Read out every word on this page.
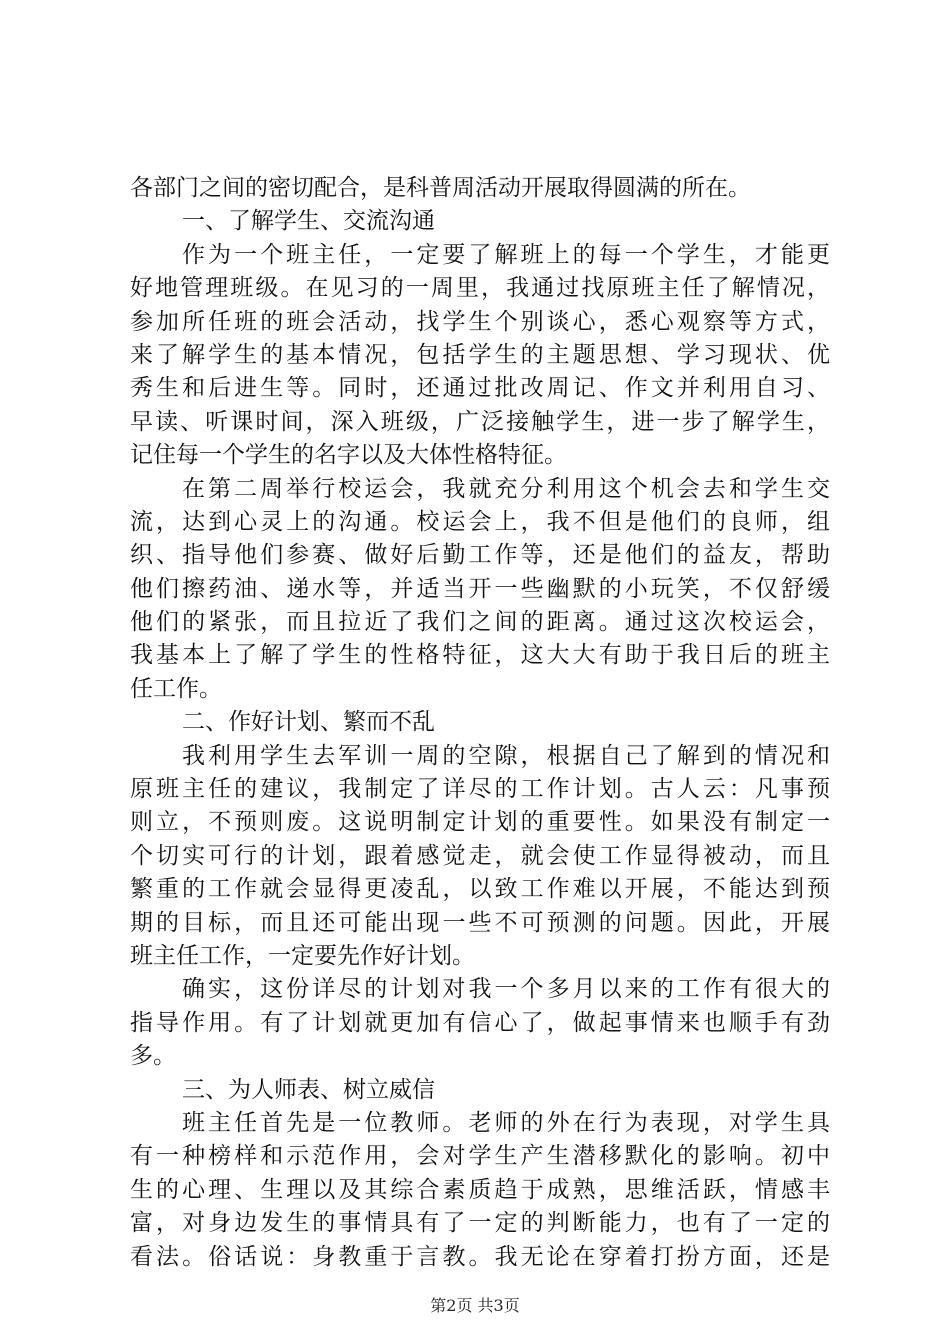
各部门之间的密切配合，是科普周活动开展取得圆满的所在。
一、了解学生、交流沟通
作为一个班主任，一定要了解班上的每一个学生，才能更
好地管理班级。在见习的一周里，我通过找原班主任了解情况，
参加所任班的班会活动，找学生个别谈心，悉心观察等方式，
来了解学生的基本情况，包括学生的主题思想、学习现状、优
秀生和后进生等。同时，还通过批改周记、作文并利用自习、
早读、听课时间，深入班级，广泛接触学生，进一步了解学生，
记住每一个学生的名字以及大体性格特征。
在第二周举行校运会，我就充分利用这个机会去和学生交
流，达到心灵上的沟通。校运会上，我不但是他们的良师，组
织、指导他们参赛、做好后勤工作等，还是他们的益友，帮助
他们擦药油、递水等，并适当开一些幽默的小玩笑，不仅舒缓
他们的紧张，而且拉近了我们之间的距离。通过这次校运会，
我基本上了解了学生的性格特征，这大大有助于我日后的班主
任工作。
二、作好计划、繁而不乱
我利用学生去军训一周的空隙，根据自己了解到的情况和
原班主任的建议，我制定了详尽的工作计划。古人云：凡事预
则立，不预则废。这说明制定计划的重要性。如果没有制定一
个切实可行的计划，跟着感觉走，就会使工作显得被动，而且
繁重的工作就会显得更凌乱，以致工作难以开展，不能达到预
期的目标，而且还可能出现一些不可预测的问题。因此，开展
班主任工作，一定要先作好计划。
确实，这份详尽的计划对我一个多月以来的工作有很大的
指导作用。有了计划就更加有信心了，做起事情来也顺手有劲
多。
三、为人师表、树立威信
班主任首先是一位教师。老师的外在行为表现，对学生具
有一种榜样和示范作用，会对学生产生潜移默化的影响。初中
生的心理、生理以及其综合素质趋于成熟，思维活跃，情感丰
富，对身边发生的事情具有了一定的判断能力，也有了一定的
看法。俗话说：身教重于言教。我无论在穿着打扮方面，还是
第2页 共3页
